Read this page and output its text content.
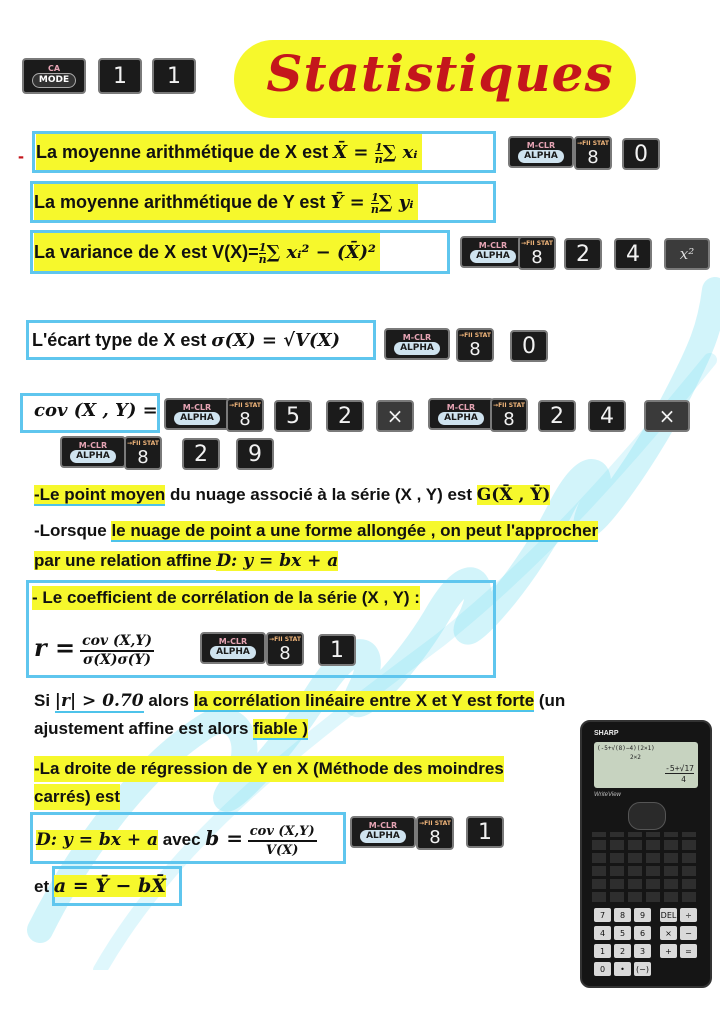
CA
MODE	1	1	Statistiques
- La moyenne arithmétique de X est X̄ = $\frac{1}{n}$ ∑ xᵢ	M-CLR
ALPHA
→FII STAT
8	0
La moyenne arithmétique de Y est Ȳ = $\frac{1}{n}$ ∑ yᵢ
La variance de X est $V(X)= \frac{1}{n}$ ∑ xᵢ² − (X̄)²	M-CLR
ALPHA
→FII STAT
8	2	4	x²
L'écart type de X est σ(X) = √V(X)	M-CLR
ALPHA
→FII STAT
8	0
cov (X , Y) =	M-CLR
ALPHA
→FII STAT
8	5	2	×	M-CLR
ALPHA
→FII STAT
8	2	4	×
M-CLR
ALPHA
→FII STAT
8	2	9
-Le point moyen du nuage associé à la série (X , Y) est G(X̄ , Ȳ)
-Lorsque le nuage de point a une forme allongée , on peut l'approcher
par une relation affine D: y = bx + a
- Le coefficient de corrélation de la série (X , Y) :
$r = \frac{\text{cov (X,Y)}}{\sigma(X)\sigma(Y)}$	M-CLR
ALPHA
→FII STAT
8	1
Si |r| > 0.70 alors la corrélation linéaire entre X et Y est forte (un
ajustement affine est alors fiable )
-La droite de régression de Y en X (Méthode des moindres
carrés) est
D: y = bx + a avec $b = \frac{\text{cov (X,Y)}}{V(X)}$	M-CLR
ALPHA
→FII STAT
8	1
et a = Ȳ − bX̄
SHARP
(-5+√(8)−4)(2×1)
2×2
-5+√17
4
WriteView
7	8	9
4	5	6
1	2	3
0	•	(−)
DEL	÷
×	−
+	=
